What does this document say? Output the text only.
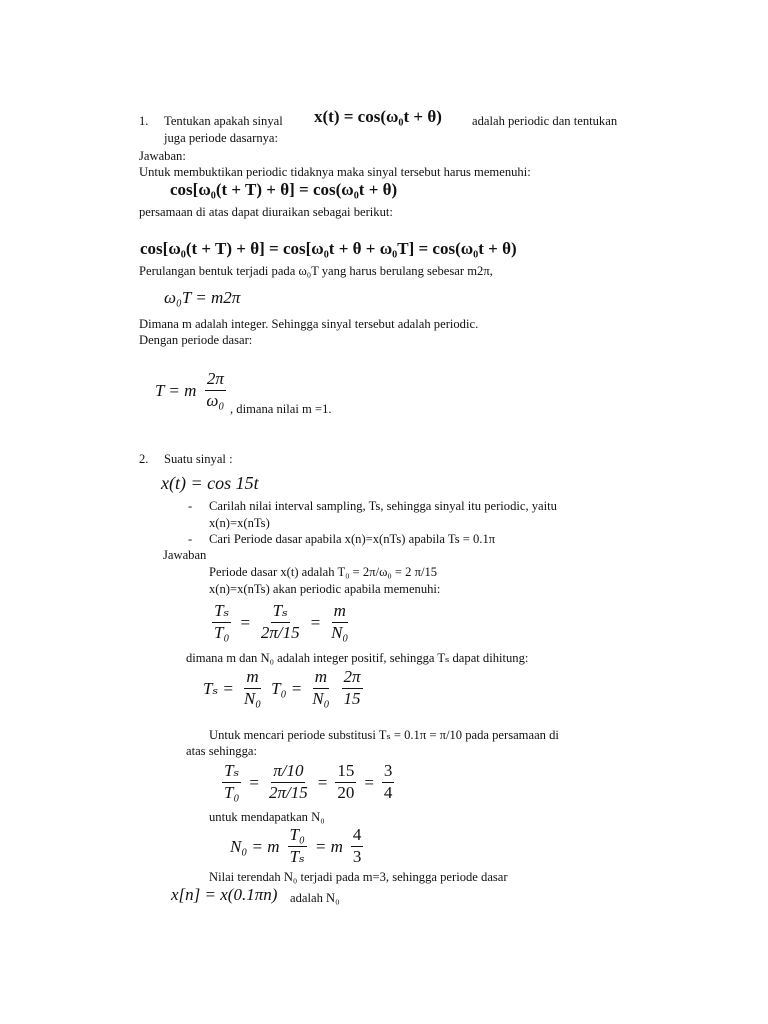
1. Tentukan apakah sinyal x(t) = cos(ω₀t + θ) adalah periodic dan tentukan
juga periode dasarnya:
Jawaban:
Untuk membuktikan periodic tidaknya maka sinyal tersebut harus memenuhi:
cos[ω₀(t + T) + θ] = cos(ω₀t + θ)
persamaan di atas dapat diuraikan sebagai berikut:
cos[ω₀(t + T) + θ] = cos[ω₀t + θ + ω₀T] = cos(ω₀t + θ)
Perulangan bentuk terjadi pada ω₀T yang harus berulang sebesar m2π,
ω₀T = m2π
Dimana m adalah integer. Sehingga sinyal tersebut adalah periodic.
Dengan periode dasar:
T = m $\frac{2\pi}{\text{ω₀}}$ , dimana nilai m =1.
2. Suatu sinyal :
x(t) = cos 15t
- Carilah nilai interval sampling, Ts, sehingga sinyal itu periodic, yaitu
x(n)=x(nTs)
- Cari Periode dasar apabila x(n)=x(nTs) apabila Ts = 0.1π
Jawaban
Periode dasar x(t) adalah T₀ = 2π/ω₀ = 2 π/15
x(n)=x(nTs) akan periodic apabila memenuhi:
$\frac{\text{Tₛ}}{\text{T₀}} = \frac{\text{Tₛ}}{2\pi/15} = \frac{m}{\text{N₀}}$
dimana m dan N₀ adalah integer positif, sehingga Tₛ dapat dihitung:
$T_s = \frac{m}{\text{N₀}} T_0 = \frac{m}{\text{N₀}} \frac{2\pi}{15}$
Untuk mencari periode substitusi Tₛ = 0.1π = π/10 pada persamaan di
atas sehingga:
$\frac{\text{Tₛ}}{\text{T₀}} = \frac{\pi/10}{2\pi/15} = \frac{15}{20} = \frac{3}{4}$
untuk mendapatkan N₀
N₀ = m $\frac{\text{T₀}}{\text{Tₛ}} = m \frac{4}{3}$
Nilai terendah N₀ terjadi pada m=3, sehingga periode dasar
x[n] = x(0.1πn) adalah N₀
